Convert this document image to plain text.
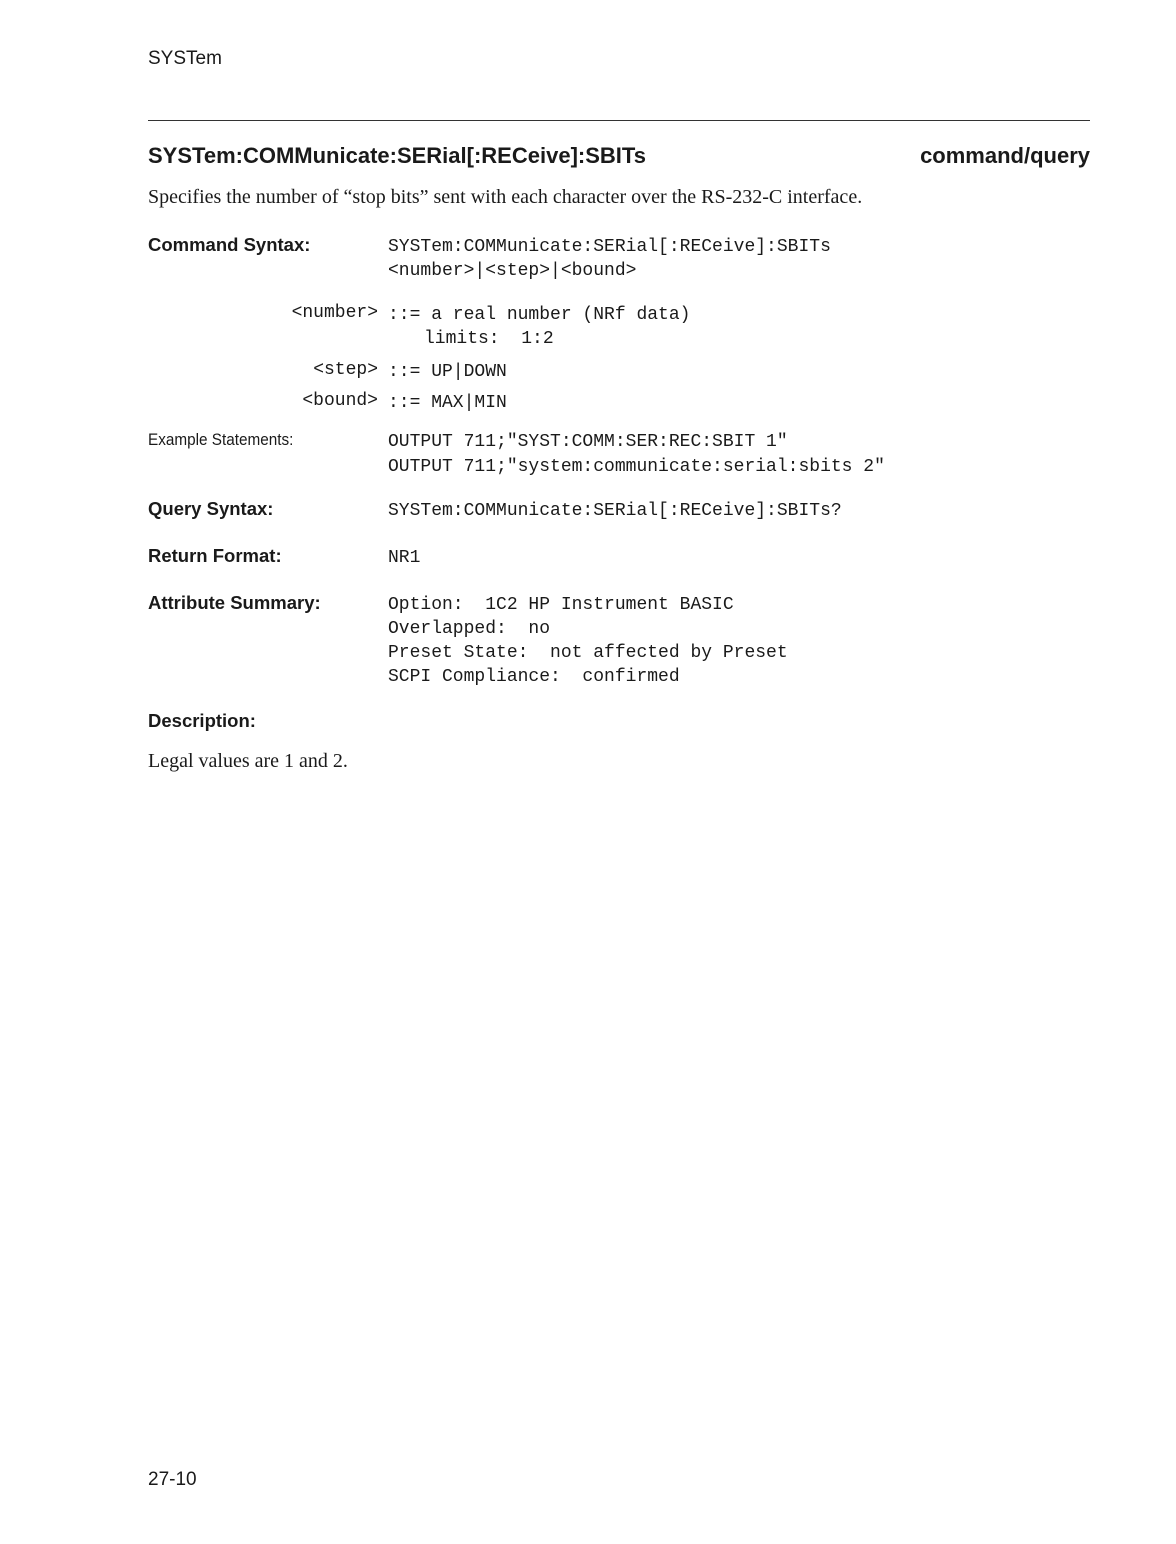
SYSTem
SYSTem:COMMunicate:SERial[:RECeive]:SBITs	command/query
Specifies the number of “stop bits” sent with each character over the RS-232-C interface.
Command Syntax:	SYSTem:COMMunicate:SERial[:RECeive]:SBITs
<number>|<step>|<bound>
<number> ::= a real number (NRf data)
limits:  1:2
<step> ::= UP|DOWN
<bound> ::= MAX|MIN
Example Statements:	OUTPUT 711;"SYST:COMM:SER:REC:SBIT 1"
OUTPUT 711;"system:communicate:serial:sbits 2"
Query Syntax:	SYSTem:COMMunicate:SERial[:RECeive]:SBITs?
Return Format:	NR1
Attribute Summary:	Option:  1C2 HP Instrument BASIC
Overlapped:  no
Preset State:  not affected by Preset
SCPI Compliance:  confirmed
Description:
Legal values are 1 and 2.
27-10
